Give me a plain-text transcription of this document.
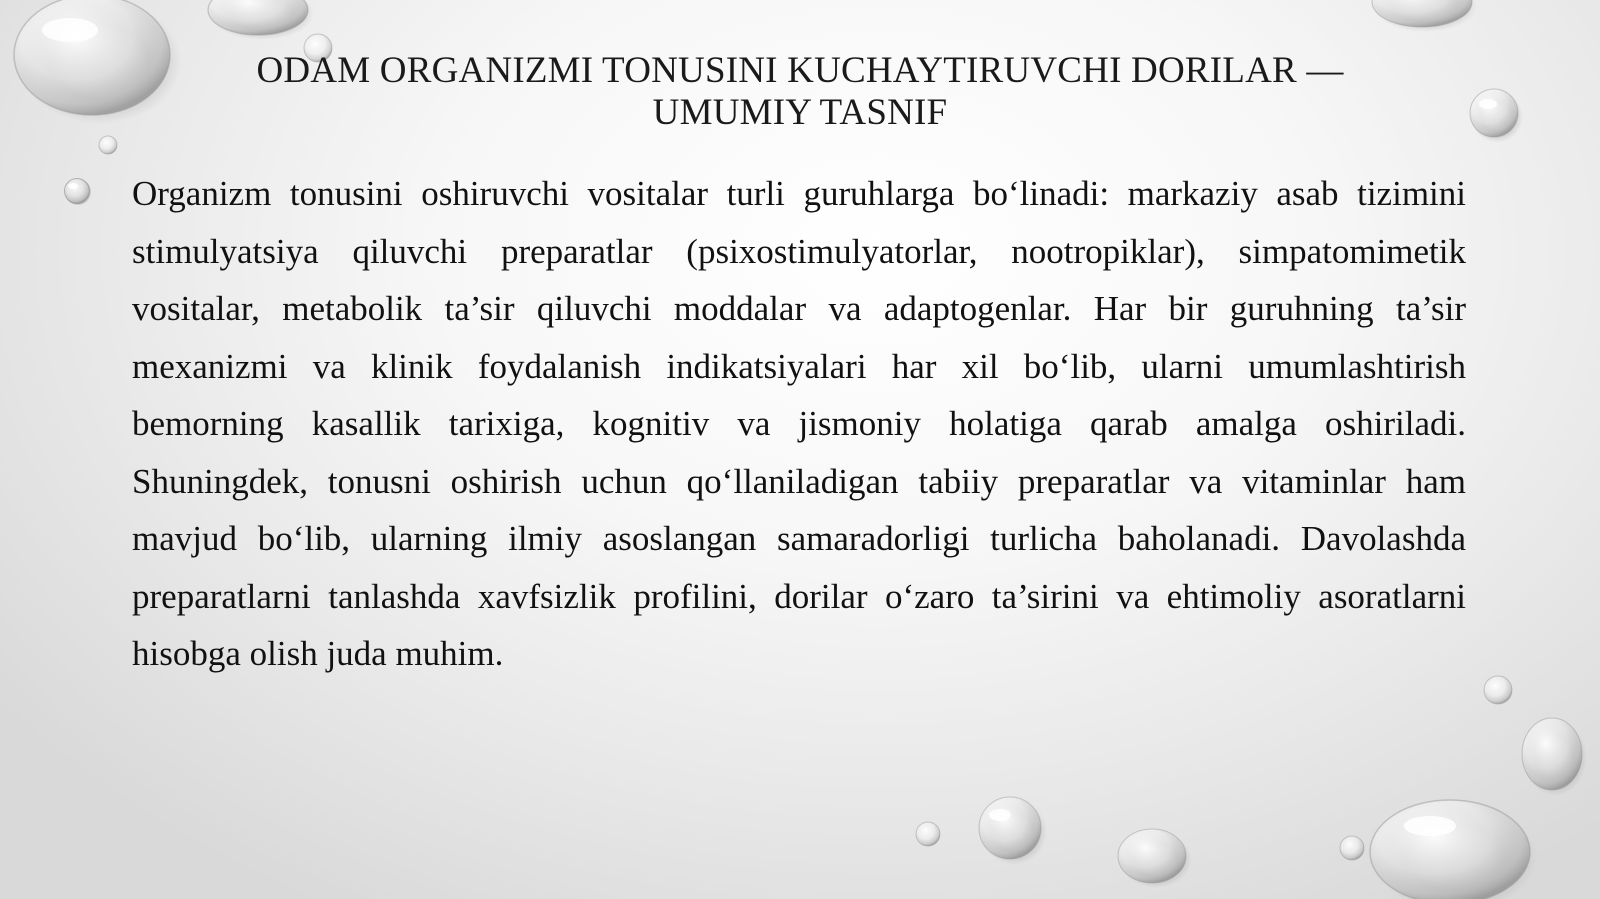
ODAM ORGANIZMI TONUSINI KUCHAYTIRUVCHI DORILAR — UMUMIY TASNIF

Organizm tonusini oshiruvchi vositalar turli guruhlarga bo‘linadi: markaziy asab tizimini stimulyatsiya qiluvchi preparatlar (psixostimulyatorlar, nootropiklar), simpatomimetik vositalar, metabolik ta’sir qiluvchi moddalar va adaptogenlar. Har bir guruhning ta’sir mexanizmi va klinik foydalanish indikatsiyalari har xil bo‘lib, ularni umumlashtirish bemorning kasallik tarixiga, kognitiv va jismoniy holatiga qarab amalga oshiriladi. Shuningdek, tonusni oshirish uchun qo‘llaniladigan tabiiy preparatlar va vitaminlar ham mavjud bo‘lib, ularning ilmiy asoslangan samaradorligi turlicha baholanadi. Davolashda preparatlarni tanlashda xavfsizlik profilini, dorilar o‘zaro ta’sirini va ehtimoliy asoratlarni hisobga olish juda muhim.
